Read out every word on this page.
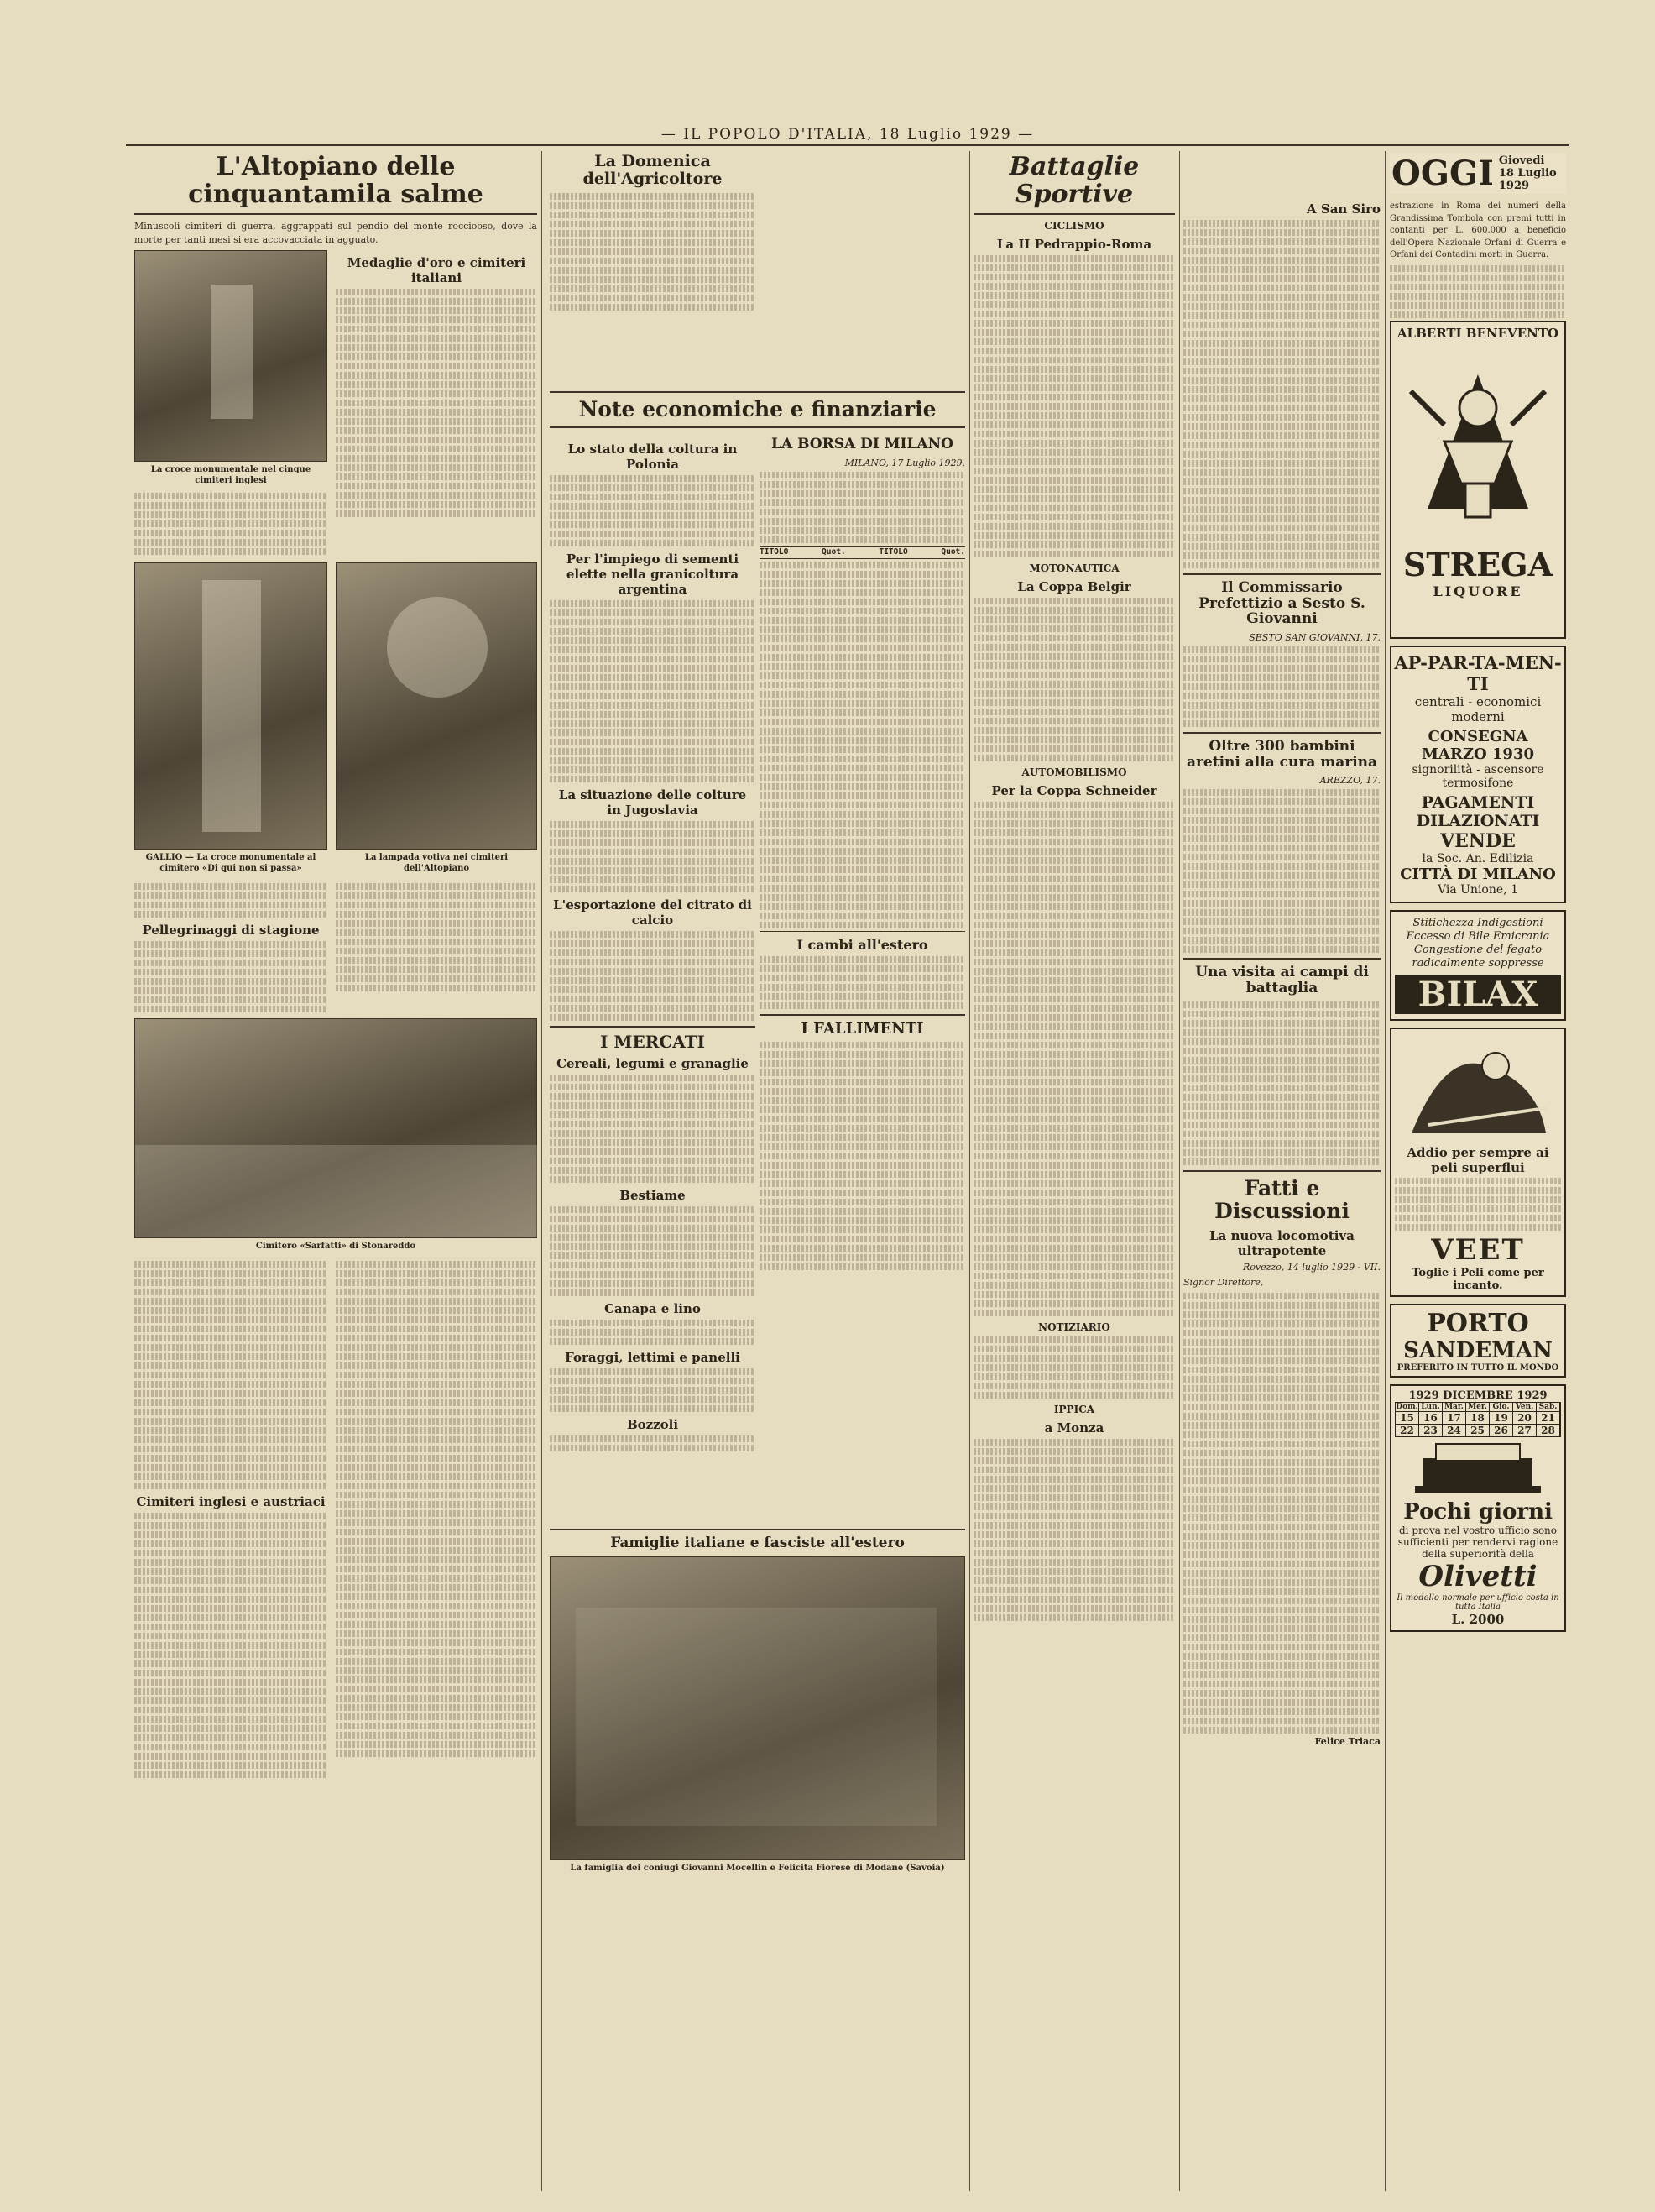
— IL POPOLO D'ITALIA, 18 Luglio 1929 —
L'Altopiano delle cinquantamila salme

Minuscoli cimiteri di guerra, aggrappati sul pendio del monte rocciooso, dove la morte per tanti mesi si era accovacciata in agguato.

La croce monumentale nel cinque cimiteri inglesi
Medaglie d'oro e cimiteri italiani
GALLIO — La croce monumentale al cimitero «Di qui non si passa»
La lampada votiva nei cimiteri dell'Altopiano
Pellegrinaggi di stagione
Cimitero «Sarfatti» di Stonareddo
Cimiteri inglesi e austriaci
La Domenica dell'Agricoltore
Note economiche e finanziarie
Lo stato della coltura in Polonia
Per l'impiego di sementi elette nella granicoltura argentina
La situazione delle colture in Jugoslavia
L'esportazione del citrato di calcio
I MERCATI
Cereali, legumi e granaglie
Bestiame
Canapa e lino
Foraggi, lettimi e panelli
Bozzoli
LA BORSA DI MILANO
MILANO, 17 Luglio 1929.
TITOLO	Quot.	TITOLO	Quot.
I cambi all'estero
I FALLIMENTI
Famiglie italiane e fasciste all'estero
La famiglia dei coniugi Giovanni Mocellin e Felicita Fiorese di Modane (Savoia)
Battaglie Sportive
CICLISMO
La II Pedrappio-Roma
MOTONAUTICA
La Coppa Belgir
AUTOMOBILISMO
Per la Coppa Schneider
NOTIZIARIO
IPPICA
a Monza
A San Siro
Il Commissario Prefettizio a Sesto S. Giovanni
SESTO SAN GIOVANNI, 17.
Oltre 300 bambini aretini alla cura marina
AREZZO, 17.
Una visita ai campi di battaglia
Fatti e Discussioni
La nuova locomotiva ultrapotente
Rovezzo, 14 luglio 1929 - VII.
Signor Direttore,
Felice Triaca
OGGI Giovedi
18 Luglio 1929

estrazione in Roma dei numeri della Grandissima Tombola con premi tutti in contanti per L. 600.000 a beneficio dell'Opera Nazionale Orfani di Guerra e Orfani dei Contadini morti in Guerra.

ALBERTI BENEVENTO
STREGA
LIQUORE
AP-PAR-TA-MEN-TI
centrali - economici moderni
CONSEGNA MARZO 1930
signorilità - ascensore termosifone
PAGAMENTI DILAZIONATI
VENDE
la Soc. An. Edilizia
CITTÀ DI MILANO
Via Unione, 1
Stitichezza Indigestioni Eccesso di Bile Emicrania Congestione del fegato radicalmente soppresse
BILAX
Addio per sempre ai peli superflui
VEET
Toglie i Peli come per incanto.
PORTO
SANDEMAN
PREFERITO IN TUTTO IL MONDO
1929 DICEMBRE 1929
Dom. Lun. Mar. Mer. Gio. Ven. Sab.
15 16 17 18 19 20 21
22 23 24 25 26 27 28
Pochi giorni
di prova nel vostro ufficio sono sufficienti per rendervi ragione della superiorità della
Olivetti
Il modello normale per ufficio costa in tutta Italia
L. 2000
